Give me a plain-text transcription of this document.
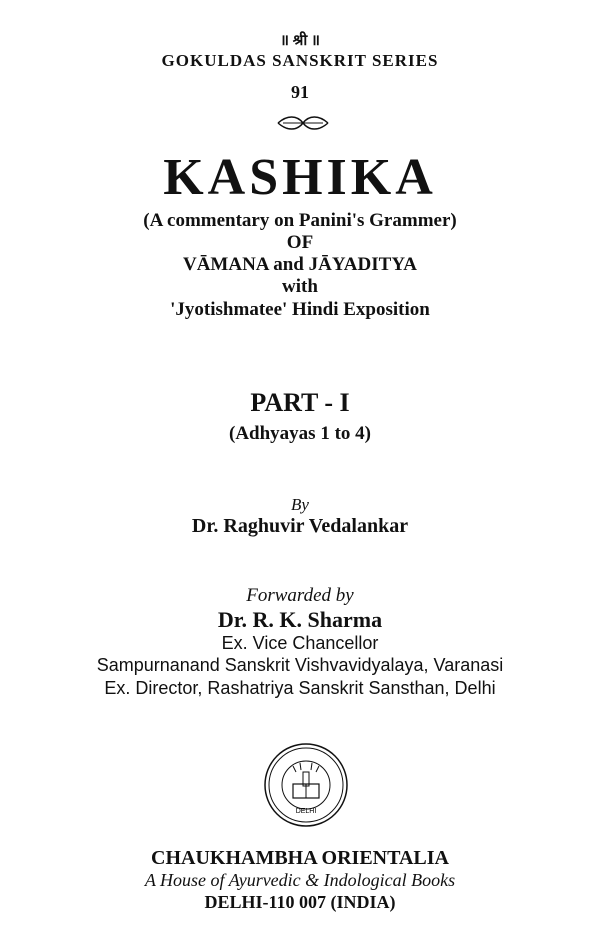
॥ श्री ॥
GOKULDAS SANSKRIT SERIES
91
KASHIKA
(A commentary on Panini's Grammer)
OF
VĀMANA and JĀYADITYA
with
'Jyotishmatee' Hindi Exposition
PART - I
(Adhyayas 1 to 4)
By
Dr. Raghuvir Vedalankar
Forwarded by
Dr. R. K. Sharma
Ex. Vice Chancellor
Sampurnanand Sanskrit Vishvavidyalaya, Varanasi
Ex. Director, Rashatriya Sanskrit Sansthan, Delhi
DELHI
CHAUKHAMBHA ORIENTALIA
A House of Ayurvedic & Indological Books
DELHI-110 007 (INDIA)
